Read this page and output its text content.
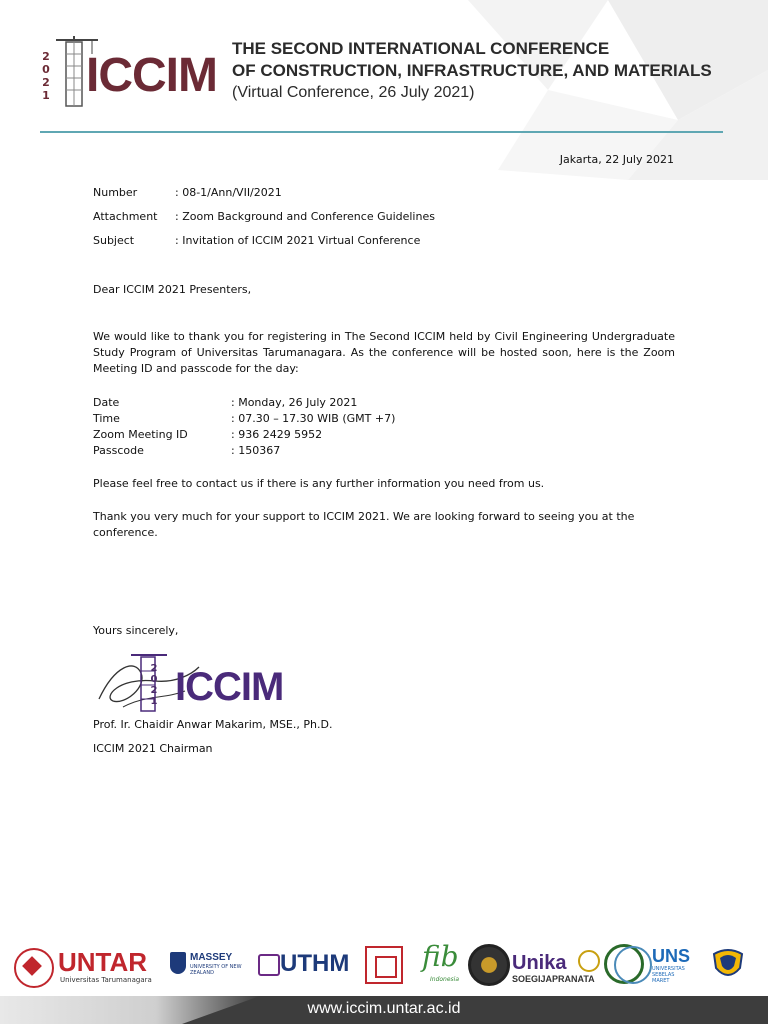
2
0
2
1 ICCIM
THE SECOND INTERNATIONAL CONFERENCE
OF CONSTRUCTION, INFRASTRUCTURE, AND MATERIALS
(Virtual Conference, 26 July 2021)
Jakarta, 22 July 2021
Number	: 08-1/Ann/VII/2021
Attachment	: Zoom Background and Conference Guidelines
Subject	: Invitation of ICCIM 2021 Virtual Conference
Dear ICCIM 2021 Presenters,
We would like to thank you for registering in The Second ICCIM held by Civil Engineering Undergraduate Study Program of Universitas Tarumanagara. As the conference will be hosted soon, here is the Zoom Meeting ID and passcode for the day:
Date	: Monday, 26 July 2021
Time	: 07.30 – 17.30 WIB (GMT +7)
Zoom Meeting ID	: 936 2429 5952
Passcode	: 150367
Please feel free to contact us if there is any further information you need from us.
Thank you very much for your support to ICCIM 2021. We are looking forward to seeing you at the conference.
Yours sincerely,
2
0
2
1 ICCIM
Prof. Ir. Chaidir Anwar Makarim, MSE., Ph.D.
ICCIM 2021 Chairman
UNTAR
Universitas Tarumanagara
MASSEY
UNIVERSITY OF NEW ZEALAND	UTHM	fib
Indonesia
Unika
SOEGIJAPRANATA
UNS
UNIVERSITAS SEBELAS MARET
www.iccim.untar.ac.id
